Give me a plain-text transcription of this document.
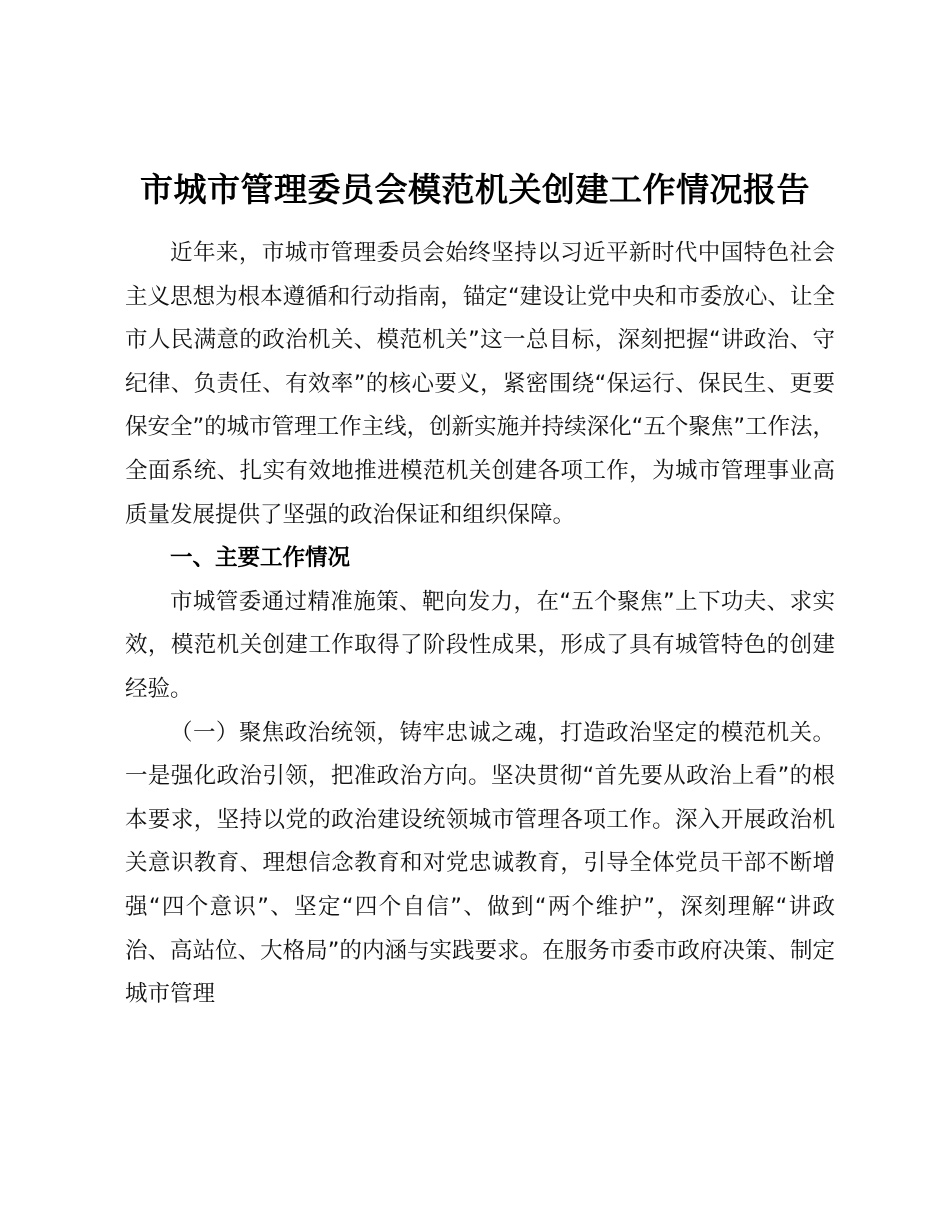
市城市管理委员会模范机关创建工作情况报告

近年来，市城市管理委员会始终坚持以习近平新时代中国特色社会主义思想为根本遵循和行动指南，锚定“建设让党中央和市委放心、让全市人民满意的政治机关、模范机关”这一总目标，深刻把握“讲政治、守纪律、负责任、有效率”的核心要义，紧密围绕“保运行、保民生、更要保安全”的城市管理工作主线，创新实施并持续深化“五个聚焦”工作法，全面系统、扎实有效地推进模范机关创建各项工作，为城市管理事业高质量发展提供了坚强的政治保证和组织保障。

一、主要工作情况

市城管委通过精准施策、靶向发力，在“五个聚焦”上下功夫、求实效，模范机关创建工作取得了阶段性成果，形成了具有城管特色的创建经验。

（一）聚焦政治统领，铸牢忠诚之魂，打造政治坚定的模范机关。一是强化政治引领，把准政治方向。坚决贯彻“首先要从政治上看”的根本要求，坚持以党的政治建设统领城市管理各项工作。深入开展政治机关意识教育、理想信念教育和对党忠诚教育，引导全体党员干部不断增强“四个意识”、坚定“四个自信”、做到“两个维护”，深刻理解“讲政治、高站位、大格局”的内涵与实践要求。在服务市委市政府决策、制定城市管理
